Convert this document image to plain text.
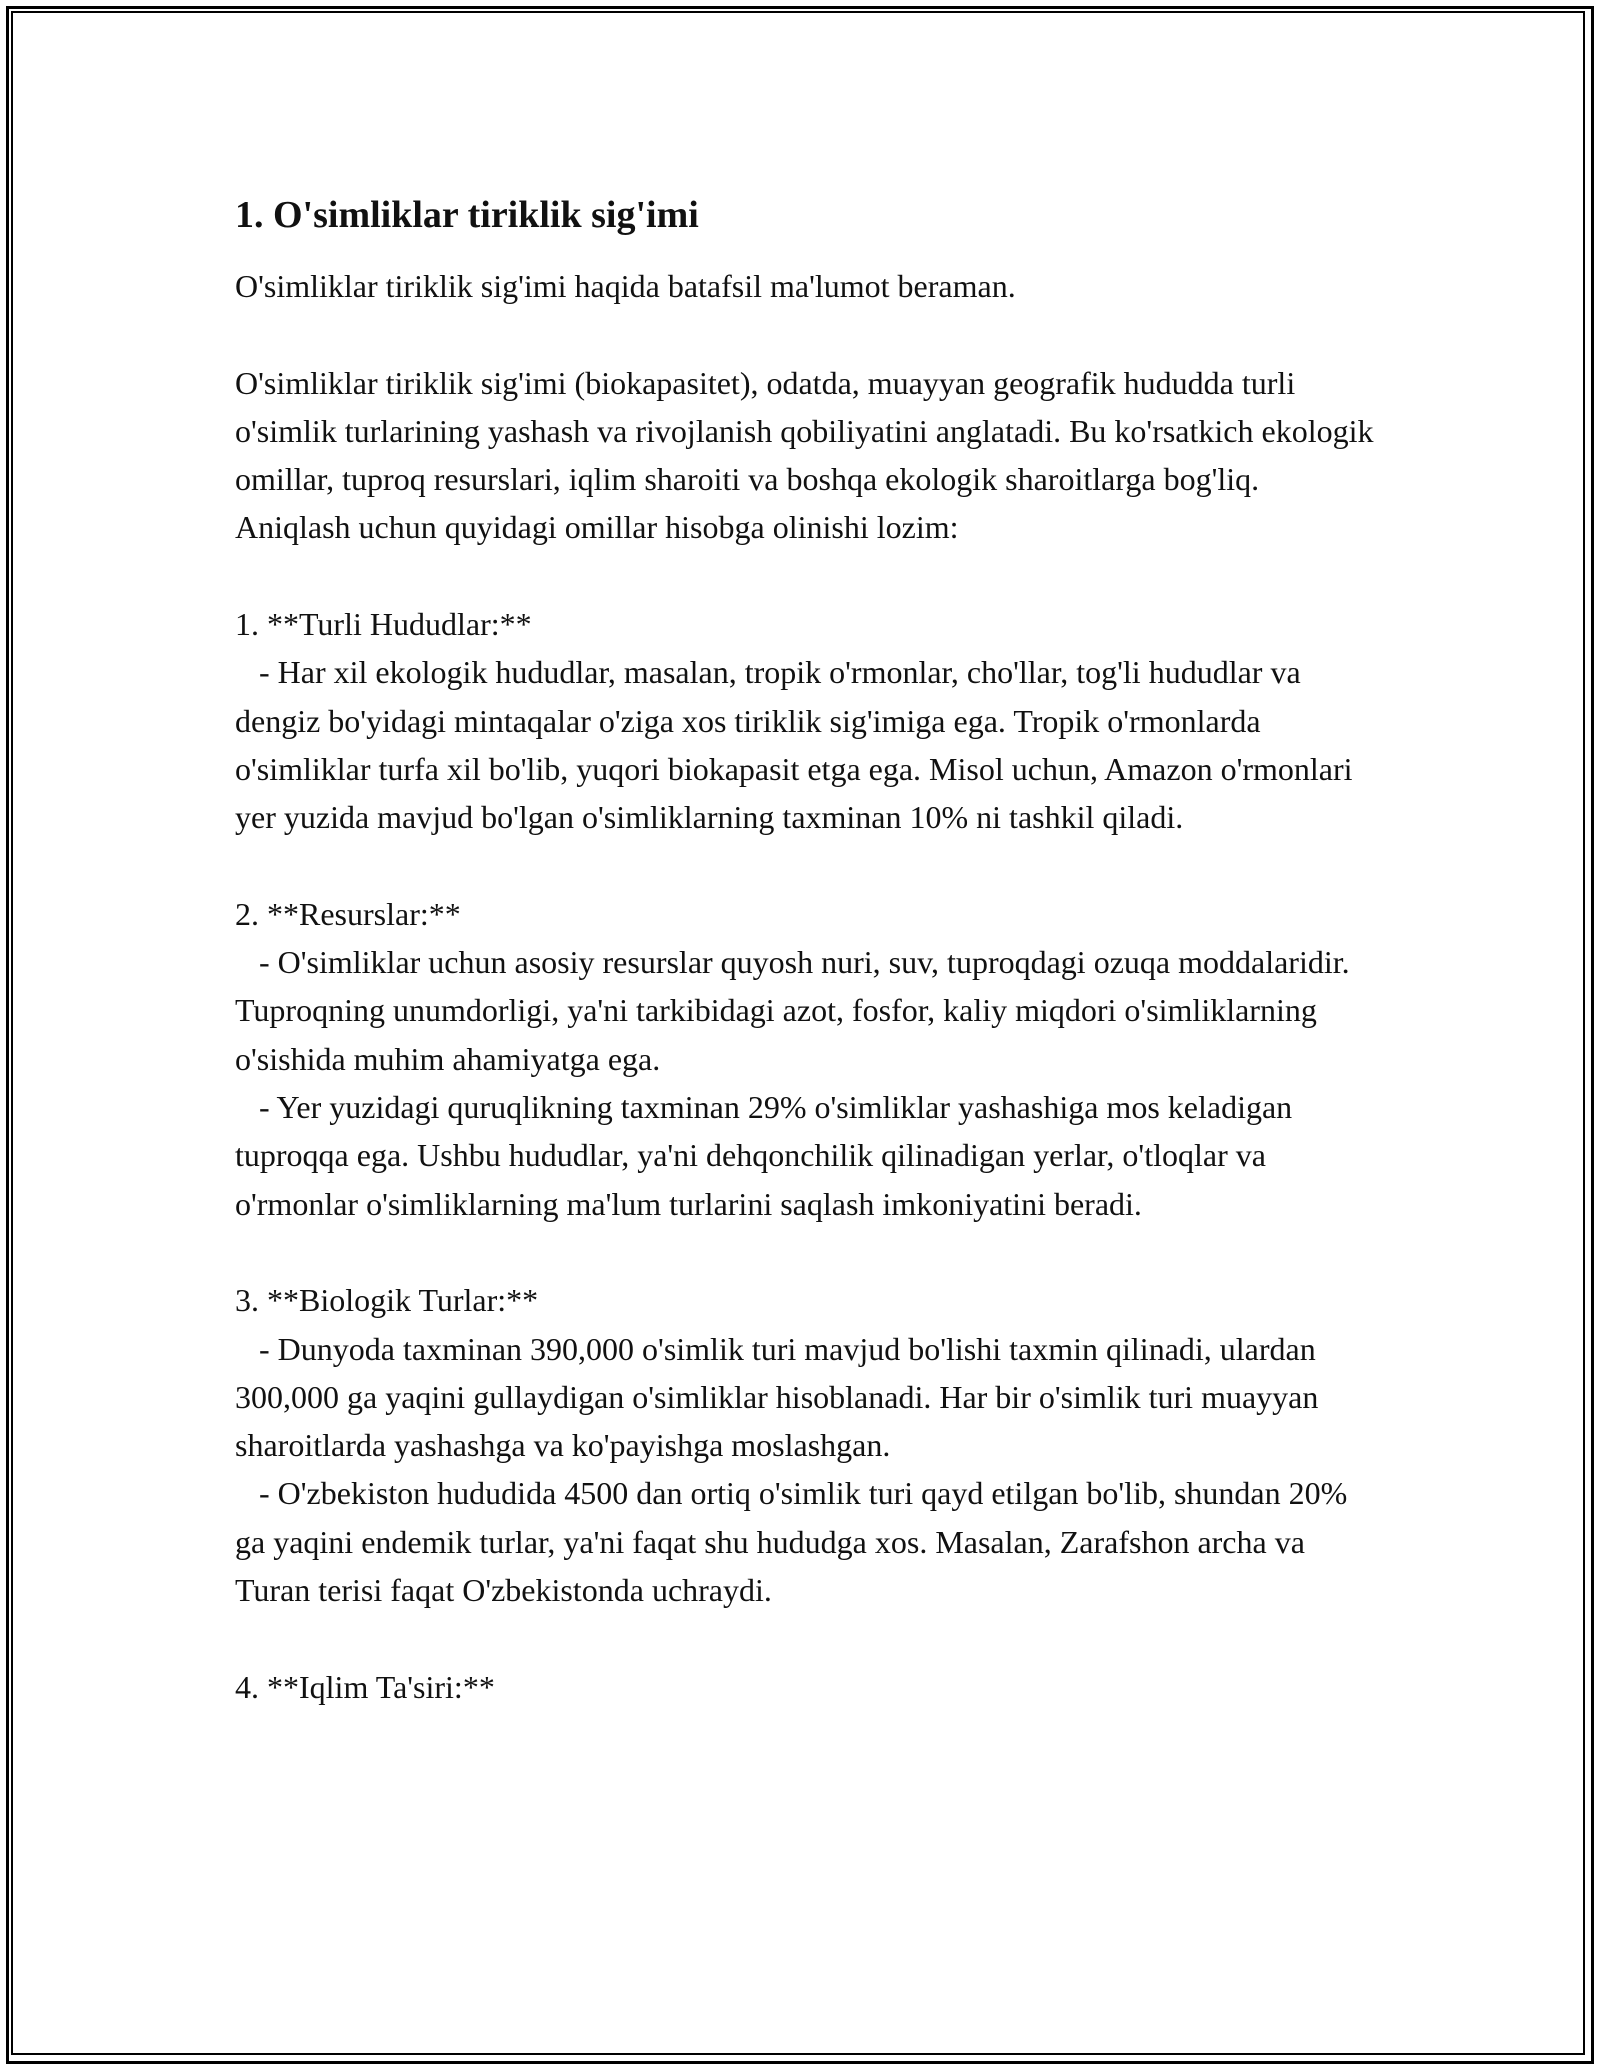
1. O'simliklar tiriklik sig'imi

O'simliklar tiriklik sig'imi haqida batafsil ma'lumot beraman.

O'simliklar tiriklik sig'imi (biokapasitet), odatda, muayyan geografik hududda turli o'simlik turlarining yashash va rivojlanish qobiliyatini anglatadi. Bu ko'rsatkich ekologik omillar, tuproq resurslari, iqlim sharoiti va boshqa ekologik sharoitlarga bog'liq. Aniqlash uchun quyidagi omillar hisobga olinishi lozim:

1. **Turli Hududlar:**

- Har xil ekologik hududlar, masalan, tropik o'rmonlar, cho'llar, tog'li hududlar va dengiz bo'yidagi mintaqalar o'ziga xos tiriklik sig'imiga ega. Tropik o'rmonlarda o'simliklar turfa xil bo'lib, yuqori biokapasit etga ega. Misol uchun, Amazon o'rmonlari yer yuzida mavjud bo'lgan o'simliklarning taxminan 10% ni tashkil qiladi.

2. **Resurslar:**

- O'simliklar uchun asosiy resurslar quyosh nuri, suv, tuproqdagi ozuqa moddalaridir. Tuproqning unumdorligi, ya'ni tarkibidagi azot, fosfor, kaliy miqdori o'simliklarning o'sishida muhim ahamiyatga ega.

- Yer yuzidagi quruqlikning taxminan 29% o'simliklar yashashiga mos keladigan tuproqqa ega. Ushbu hududlar, ya'ni dehqonchilik qilinadigan yerlar, o'tloqlar va o'rmonlar o'simliklarning ma'lum turlarini saqlash imkoniyatini beradi.

3. **Biologik Turlar:**

- Dunyoda taxminan 390,000 o'simlik turi mavjud bo'lishi taxmin qilinadi, ulardan 300,000 ga yaqini gullaydigan o'simliklar hisoblanadi. Har bir o'simlik turi muayyan sharoitlarda yashashga va ko'payishga moslashgan.

- O'zbekiston hududida 4500 dan ortiq o'simlik turi qayd etilgan bo'lib, shundan 20% ga yaqini endemik turlar, ya'ni faqat shu hududga xos. Masalan, Zarafshon archa va Turan terisi faqat O'zbekistonda uchraydi.

4. **Iqlim Ta'siri:**
